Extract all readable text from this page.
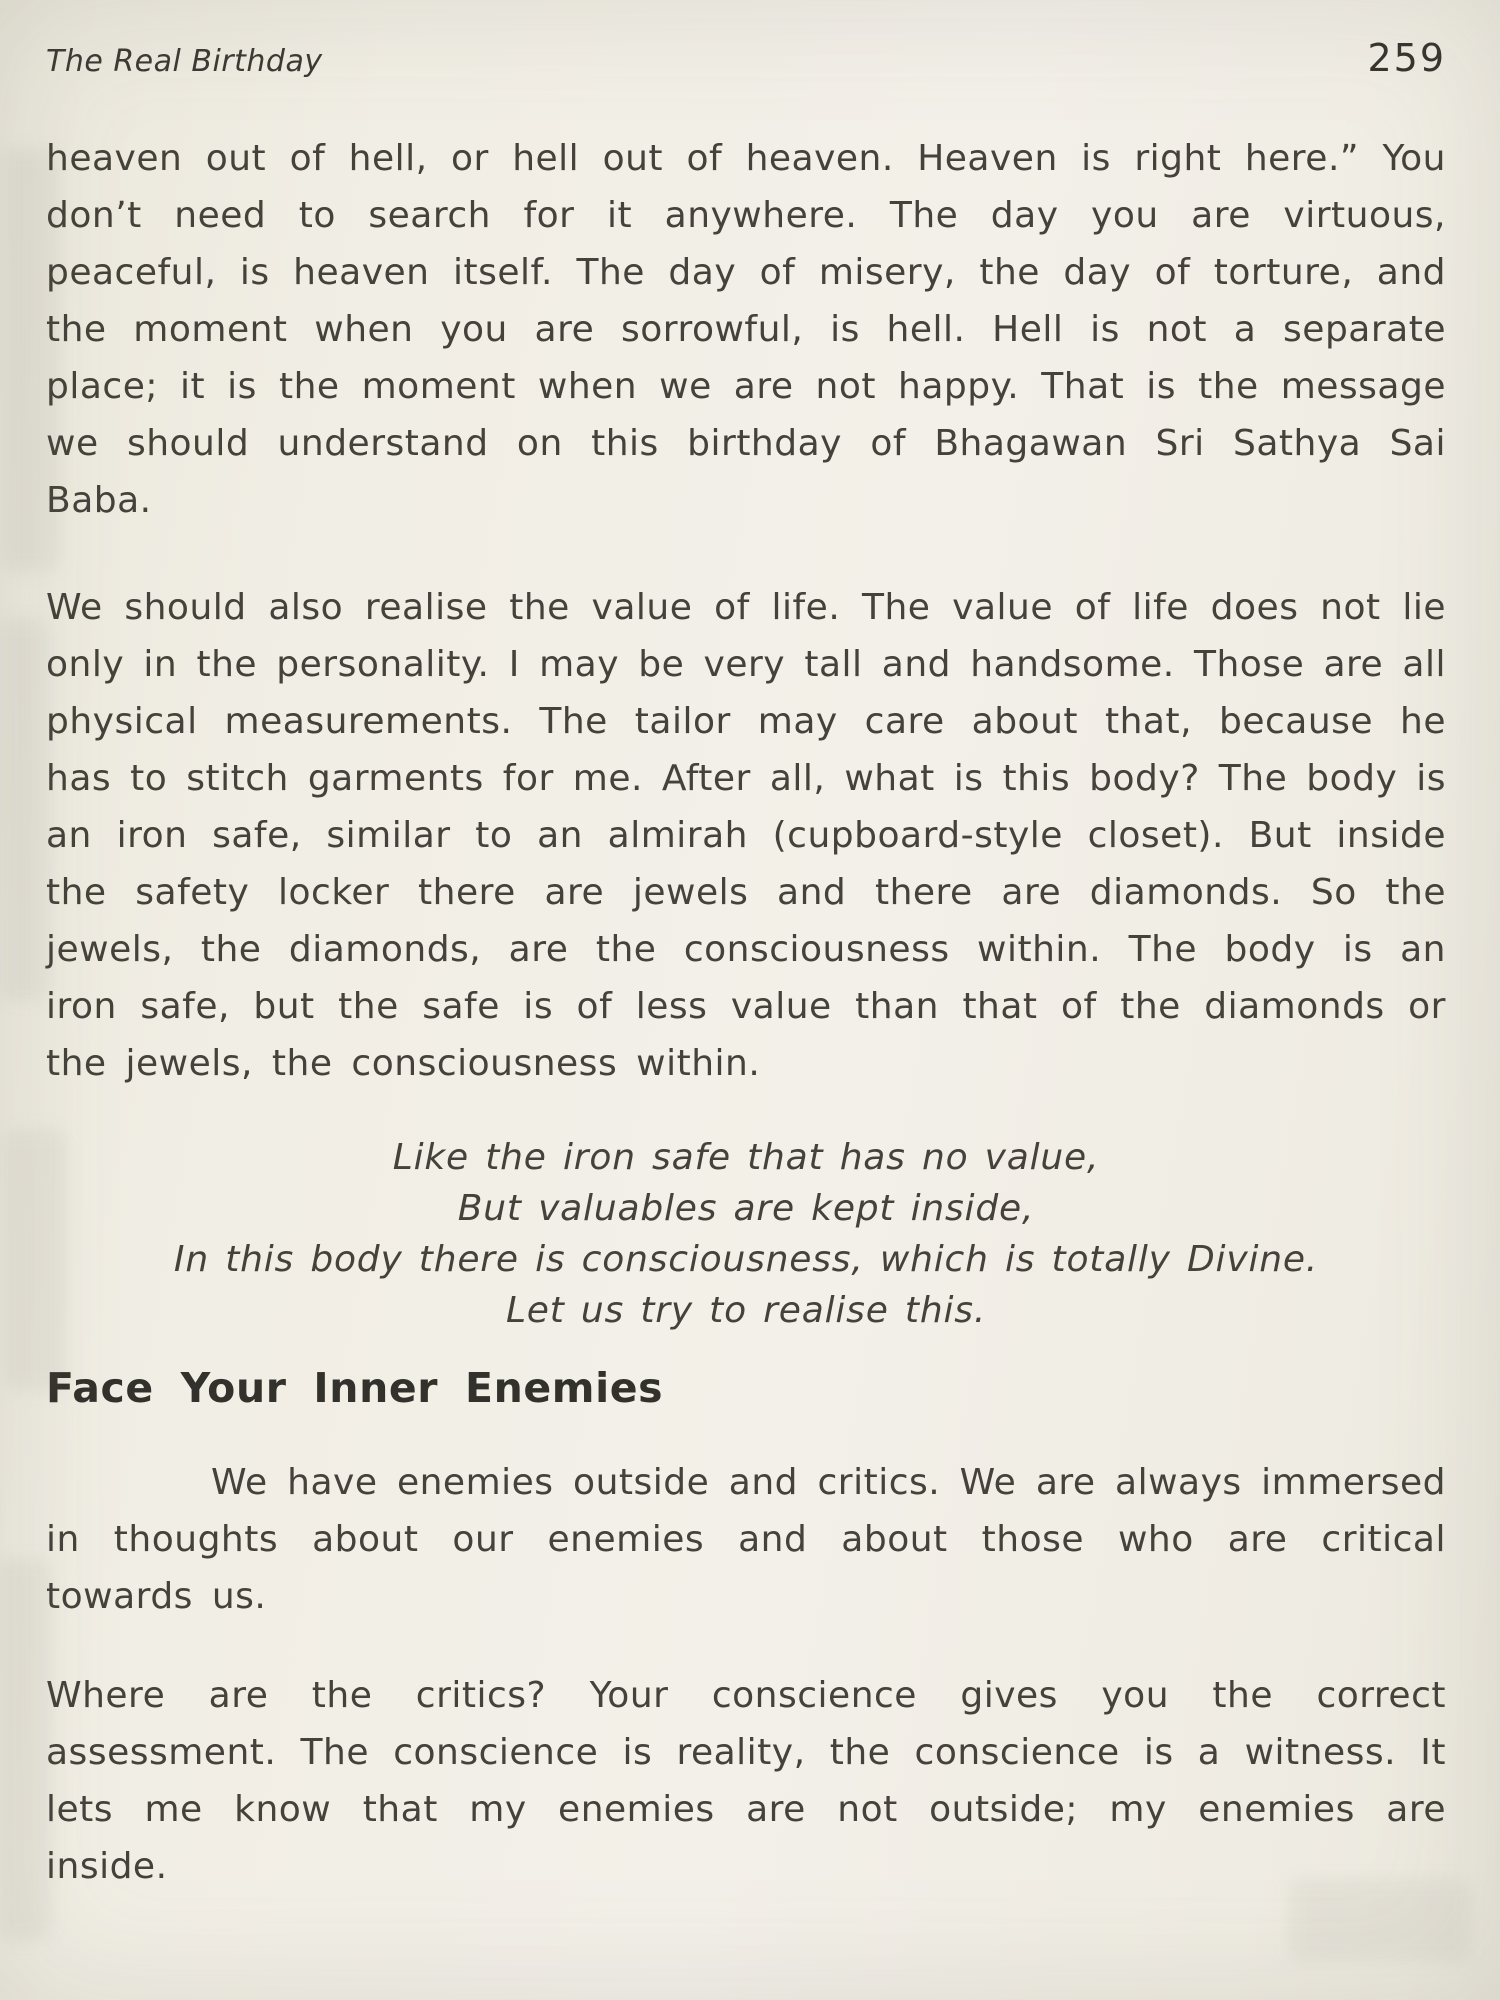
The Real Birthday	259

heaven out of hell, or hell out of heaven. Heaven is right here.” You don’t need to search for it anywhere. The day you are virtuous, peaceful, is heaven itself. The day of misery, the day of torture, and the moment when you are sorrowful, is hell. Hell is not a separate place; it is the moment when we are not happy. That is the message we should understand on this birthday of Bhagawan Sri Sathya Sai Baba.

We should also realise the value of life. The value of life does not lie only in the personality. I may be very tall and handsome. Those are all physical measurements. The tailor may care about that, because he has to stitch garments for me. After all, what is this body? The body is an iron safe, similar to an almirah (cupboard-style closet). But inside the safety locker there are jewels and there are diamonds. So the jewels, the diamonds, are the consciousness within. The body is an iron safe, but the safe is of less value than that of the diamonds or the jewels, the consciousness within.

Like the iron safe that has no value,

But valuables are kept inside,

In this body there is consciousness, which is totally Divine.

Let us try to realise this.

Face Your Inner Enemies

We have enemies outside and critics. We are always immersed in thoughts about our enemies and about those who are critical towards us.

Where are the critics? Your conscience gives you the correct assessment. The conscience is reality, the conscience is a witness. It lets me know that my enemies are not outside; my enemies are inside.
